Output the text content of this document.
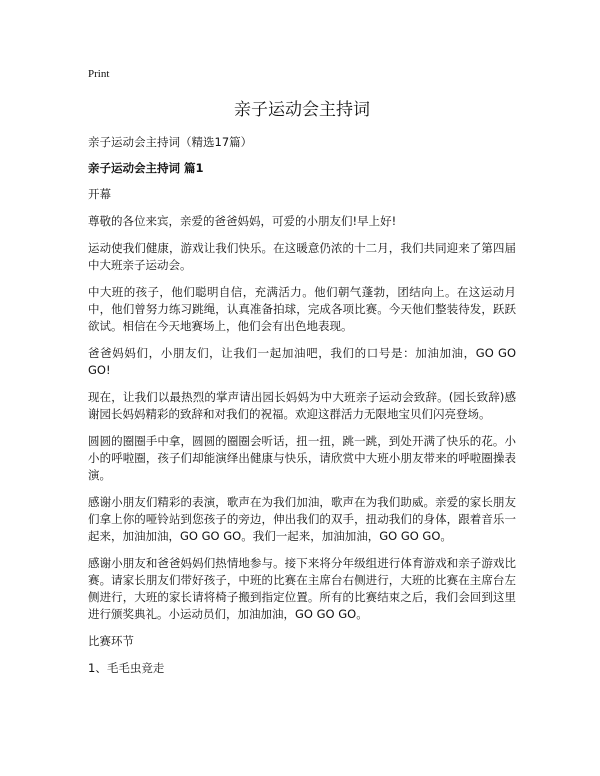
Print
亲子运动会主持词

亲子运动会主持词（精选17篇）

亲子运动会主持词 篇1

开幕

尊敬的各位来宾，亲爱的爸爸妈妈，可爱的小朋友们!早上好!

运动使我们健康，游戏让我们快乐。在这暖意仍浓的十二月，我们共同迎来了第四届中大班亲子运动会。

中大班的孩子，他们聪明自信，充满活力。他们朝气蓬勃，团结向上。在这运动月中，他们曾努力练习跳绳，认真准备拍球，完成各项比赛。今天他们整装待发，跃跃欲试。相信在今天地赛场上，他们会有出色地表现。

爸爸妈妈们，小朋友们，让我们一起加油吧，我们的口号是：加油加油，GO GO GO!

现在，让我们以最热烈的掌声请出园长妈妈为中大班亲子运动会致辞。(园长致辞)感谢园长妈妈精彩的致辞和对我们的祝福。欢迎这群活力无限地宝贝们闪亮登场。

圆圆的圈圈手中拿，圆圆的圈圈会听话，扭一扭，跳一跳，到处开满了快乐的花。小小的呼啦圈，孩子们却能演绎出健康与快乐，请欣赏中大班小朋友带来的呼啦圈操表演。

感谢小朋友们精彩的表演，歌声在为我们加油，歌声在为我们助威。亲爱的家长朋友们拿上你的哑铃站到您孩子的旁边，伸出我们的双手，扭动我们的身体，跟着音乐一起来，加油加油，GO GO GO。我们一起来，加油加油，GO GO GO。

感谢小朋友和爸爸妈妈们热情地参与。接下来将分年级组进行体育游戏和亲子游戏比赛。请家长朋友们带好孩子，中班的比赛在主席台右侧进行，大班的比赛在主席台左侧进行，大班的家长请将椅子搬到指定位置。所有的比赛结束之后，我们会回到这里进行颁奖典礼。小运动员们，加油加油，GO GO GO。

比赛环节

1、毛毛虫竞走
